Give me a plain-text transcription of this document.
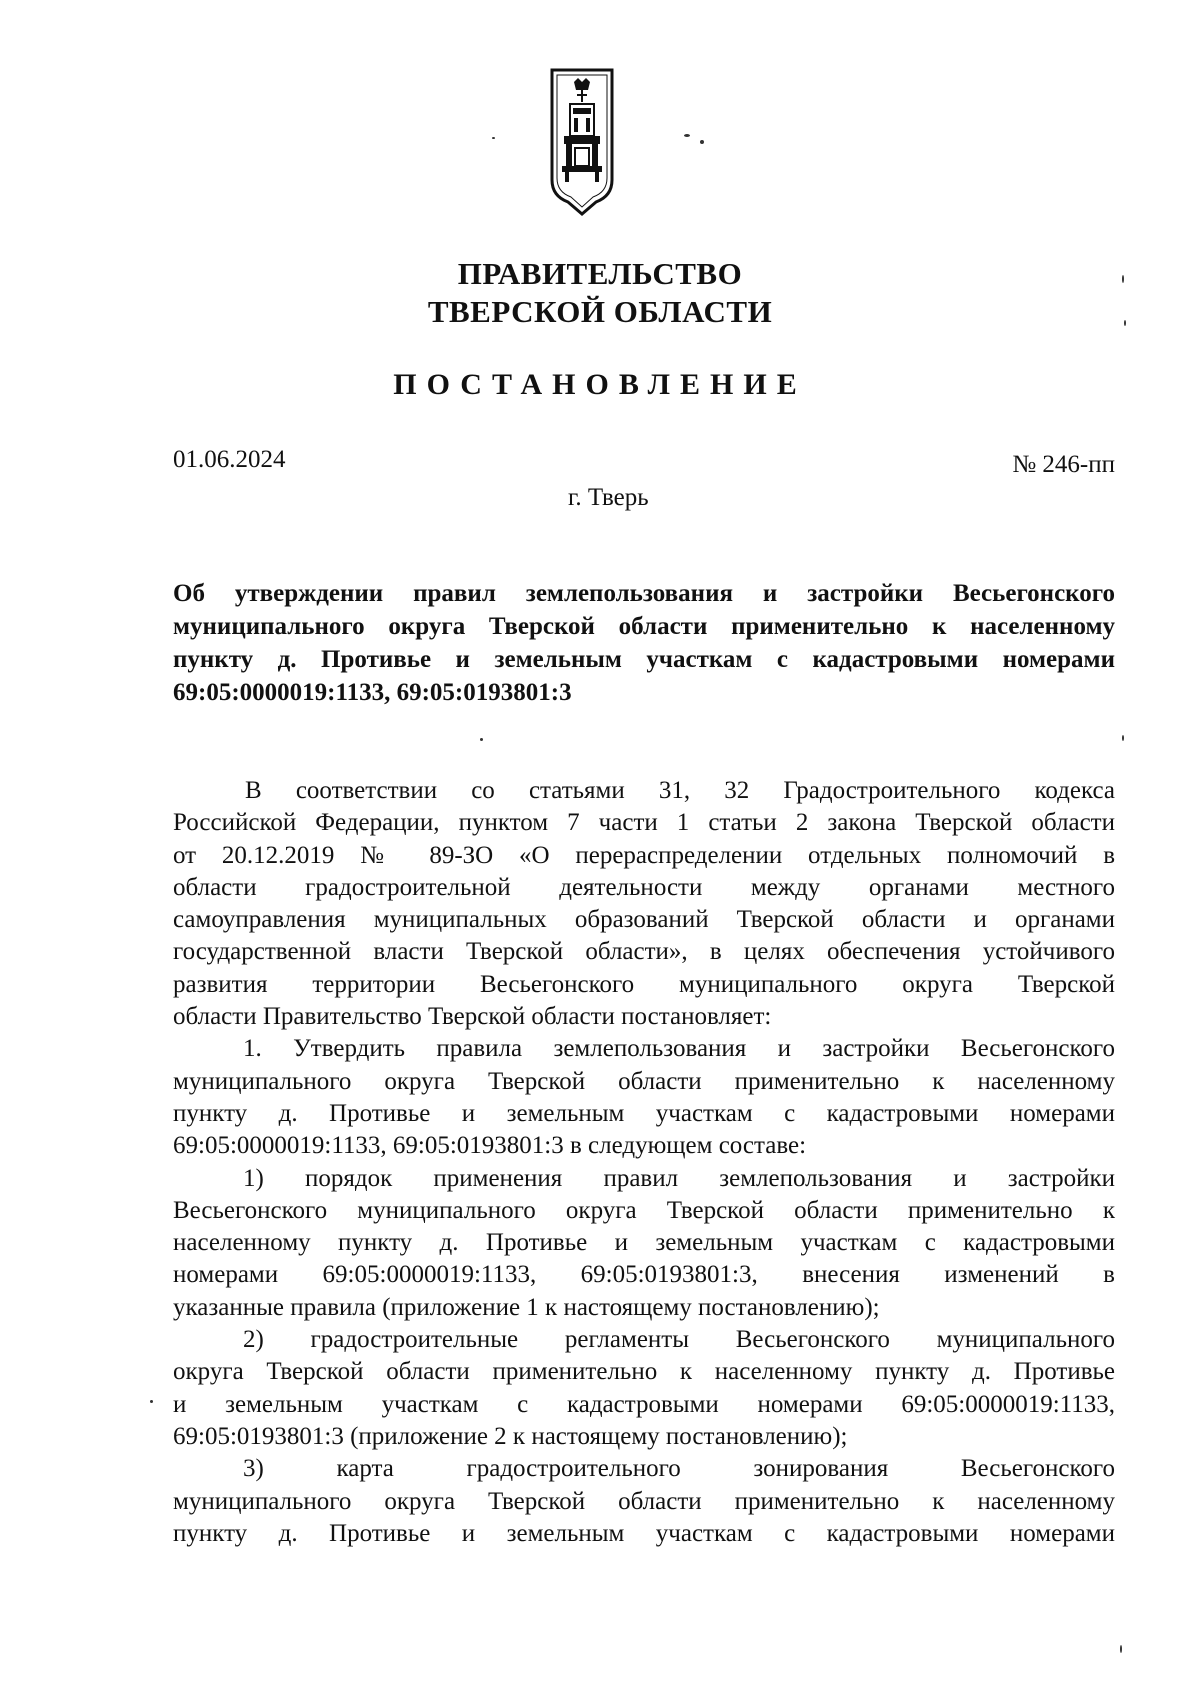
ПРАВИТЕЛЬСТВО
ТВЕРСКОЙ ОБЛАСТИ
ПОСТАНОВЛЕНИЕ
01.06.2024	№ 246-пп
г. Тверь
Об утверждении правил землепользования и застройки Весьегонского
муниципального округа Тверской области применительно к населенному
пункту д. Противье и земельным участкам с кадастровыми номерами
69:05:0000019:1133, 69:05:0193801:3
В соответствии со статьями 31, 32 Градостроительного кодекса
Российской Федерации, пунктом 7 части 1 статьи 2 закона Тверской области
от 20.12.2019 № 89-ЗО «О перераспределении отдельных полномочий в
области градостроительной деятельности между органами местного
самоуправления муниципальных образований Тверской области и органами
государственной власти Тверской области», в целях обеспечения устойчивого
развития территории Весьегонского муниципального округа Тверской
области Правительство Тверской области постановляет:
1. Утвердить правила землепользования и застройки Весьегонского
муниципального округа Тверской области применительно к населенному
пункту д. Противье и земельным участкам с кадастровыми номерами
69:05:0000019:1133, 69:05:0193801:3 в следующем составе:
1) порядок применения правил землепользования и застройки
Весьегонского муниципального округа Тверской области применительно к
населенному пункту д. Противье и земельным участкам с кадастровыми
номерами 69:05:0000019:1133, 69:05:0193801:3, внесения изменений в
указанные правила (приложение 1 к настоящему постановлению);
2) градостроительные регламенты Весьегонского муниципального
округа Тверской области применительно к населенному пункту д. Противье
и земельным участкам с кадастровыми номерами 69:05:0000019:1133,
69:05:0193801:3 (приложение 2 к настоящему постановлению);
3) карта градостроительного зонирования Весьегонского
муниципального округа Тверской области применительно к населенному
пункту д. Противье и земельным участкам с кадастровыми номерами
